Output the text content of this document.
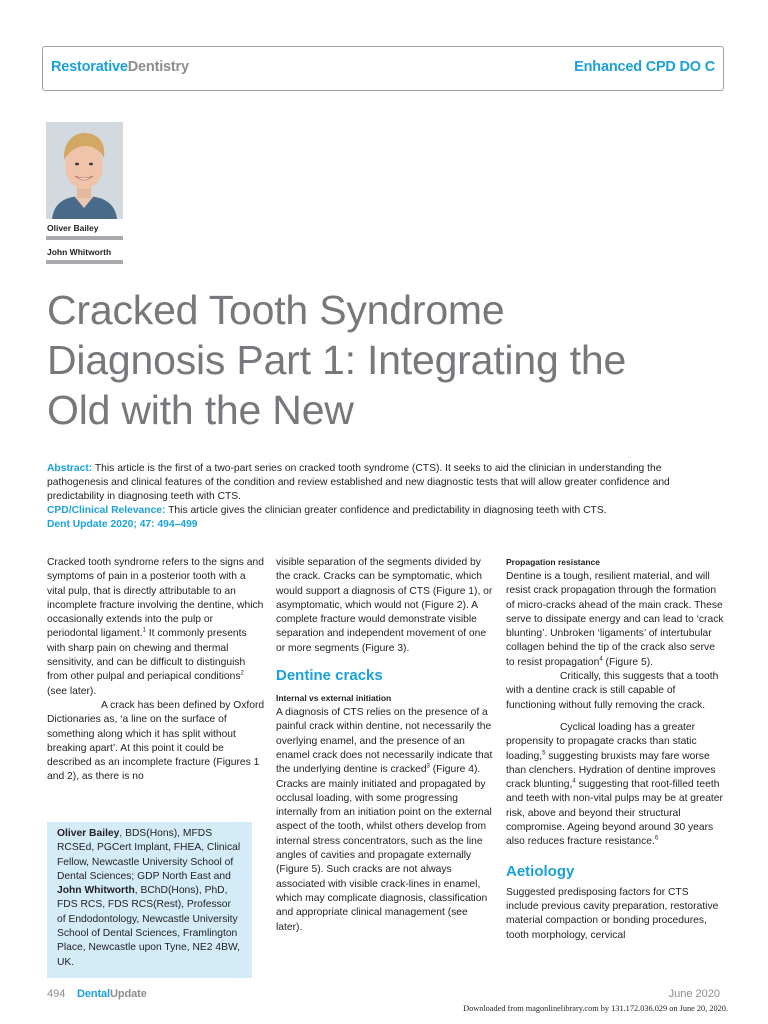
RestorativeDentistry	Enhanced CPD DO C
Oliver Bailey
John Whitworth
Cracked Tooth Syndrome
Diagnosis Part 1: Integrating the
Old with the New
Abstract: This article is the first of a two-part series on cracked tooth syndrome (CTS). It seeks to aid the clinician in understanding the
pathogenesis and clinical features of the condition and review established and new diagnostic tests that will allow greater confidence and
predictability in diagnosing teeth with CTS.
CPD/Clinical Relevance: This article gives the clinician greater confidence and predictability in diagnosing teeth with CTS.
Dent Update 2020; 47: 494–499

Cracked tooth syndrome refers to the signs and symptoms of pain in a posterior tooth with a vital pulp, that is directly attributable to an incomplete fracture involving the dentine, which occasionally extends into the pulp or periodontal ligament.$^1$ It commonly presents with sharp pain on chewing and thermal sensitivity, and can be difficult to distinguish from other pulpal and periapical conditions$^2$ (see later).

A crack has been defined by Oxford Dictionaries as, ‘a line on the surface of something along which it has split without breaking apart’. At this point it could be described as an incomplete fracture (Figures 1 and 2), as there is no

Oliver Bailey, BDS(Hons), MFDS RCSEd, PGCert Implant, FHEA, Clinical Fellow, Newcastle University School of Dental Sciences; GDP North East and John Whitworth, BChD(Hons), PhD, FDS RCS, FDS RCS(Rest), Professor of Endodontology, Newcastle University School of Dental Sciences, Framlington Place, Newcastle upon Tyne, NE2 4BW, UK.

visible separation of the segments divided by the crack. Cracks can be symptomatic, which would support a diagnosis of CTS (Figure 1), or asymptomatic, which would not (Figure 2). A complete fracture would demonstrate visible separation and independent movement of one or more segments (Figure 3).

Dentine cracks
Internal vs external initiation

A diagnosis of CTS relies on the presence of a painful crack within dentine, not necessarily the overlying enamel, and the presence of an enamel crack does not necessarily indicate that the underlying dentine is cracked$^3$ (Figure 4). Cracks are mainly initiated and propagated by occlusal loading, with some progressing internally from an initiation point on the external aspect of the tooth, whilst others develop from internal stress concentrators, such as the line angles of cavities and propagate externally (Figure 5). Such cracks are not always associated with visible crack-lines in enamel, which may complicate diagnosis, classification and appropriate clinical management (see later).

Propagation resistance

Dentine is a tough, resilient material, and will resist crack propagation through the formation of micro-cracks ahead of the main crack. These serve to dissipate energy and can lead to ‘crack blunting’. Unbroken ‘ligaments’ of intertubular collagen behind the tip of the crack also serve to resist propagation$^4$ (Figure 5).

Critically, this suggests that a tooth with a dentine crack is still capable of functioning without fully removing the crack.

Cyclical loading has a greater propensity to propagate cracks than static loading,$^5$ suggesting bruxists may fare worse than clenchers. Hydration of dentine improves crack blunting,$^4$ suggesting that root-filled teeth and teeth with non-vital pulps may be at greater risk, above and beyond their structural compromise. Ageing beyond around 30 years also reduces fracture resistance.$^6$

Aetiology

Suggested predisposing factors for CTS include previous cavity preparation, restorative material compaction or bonding procedures, tooth morphology, cervical

494 DentalUpdate	June 2020
Downloaded from magonlinelibrary.com by 131.172.036.029 on June 20, 2020.
